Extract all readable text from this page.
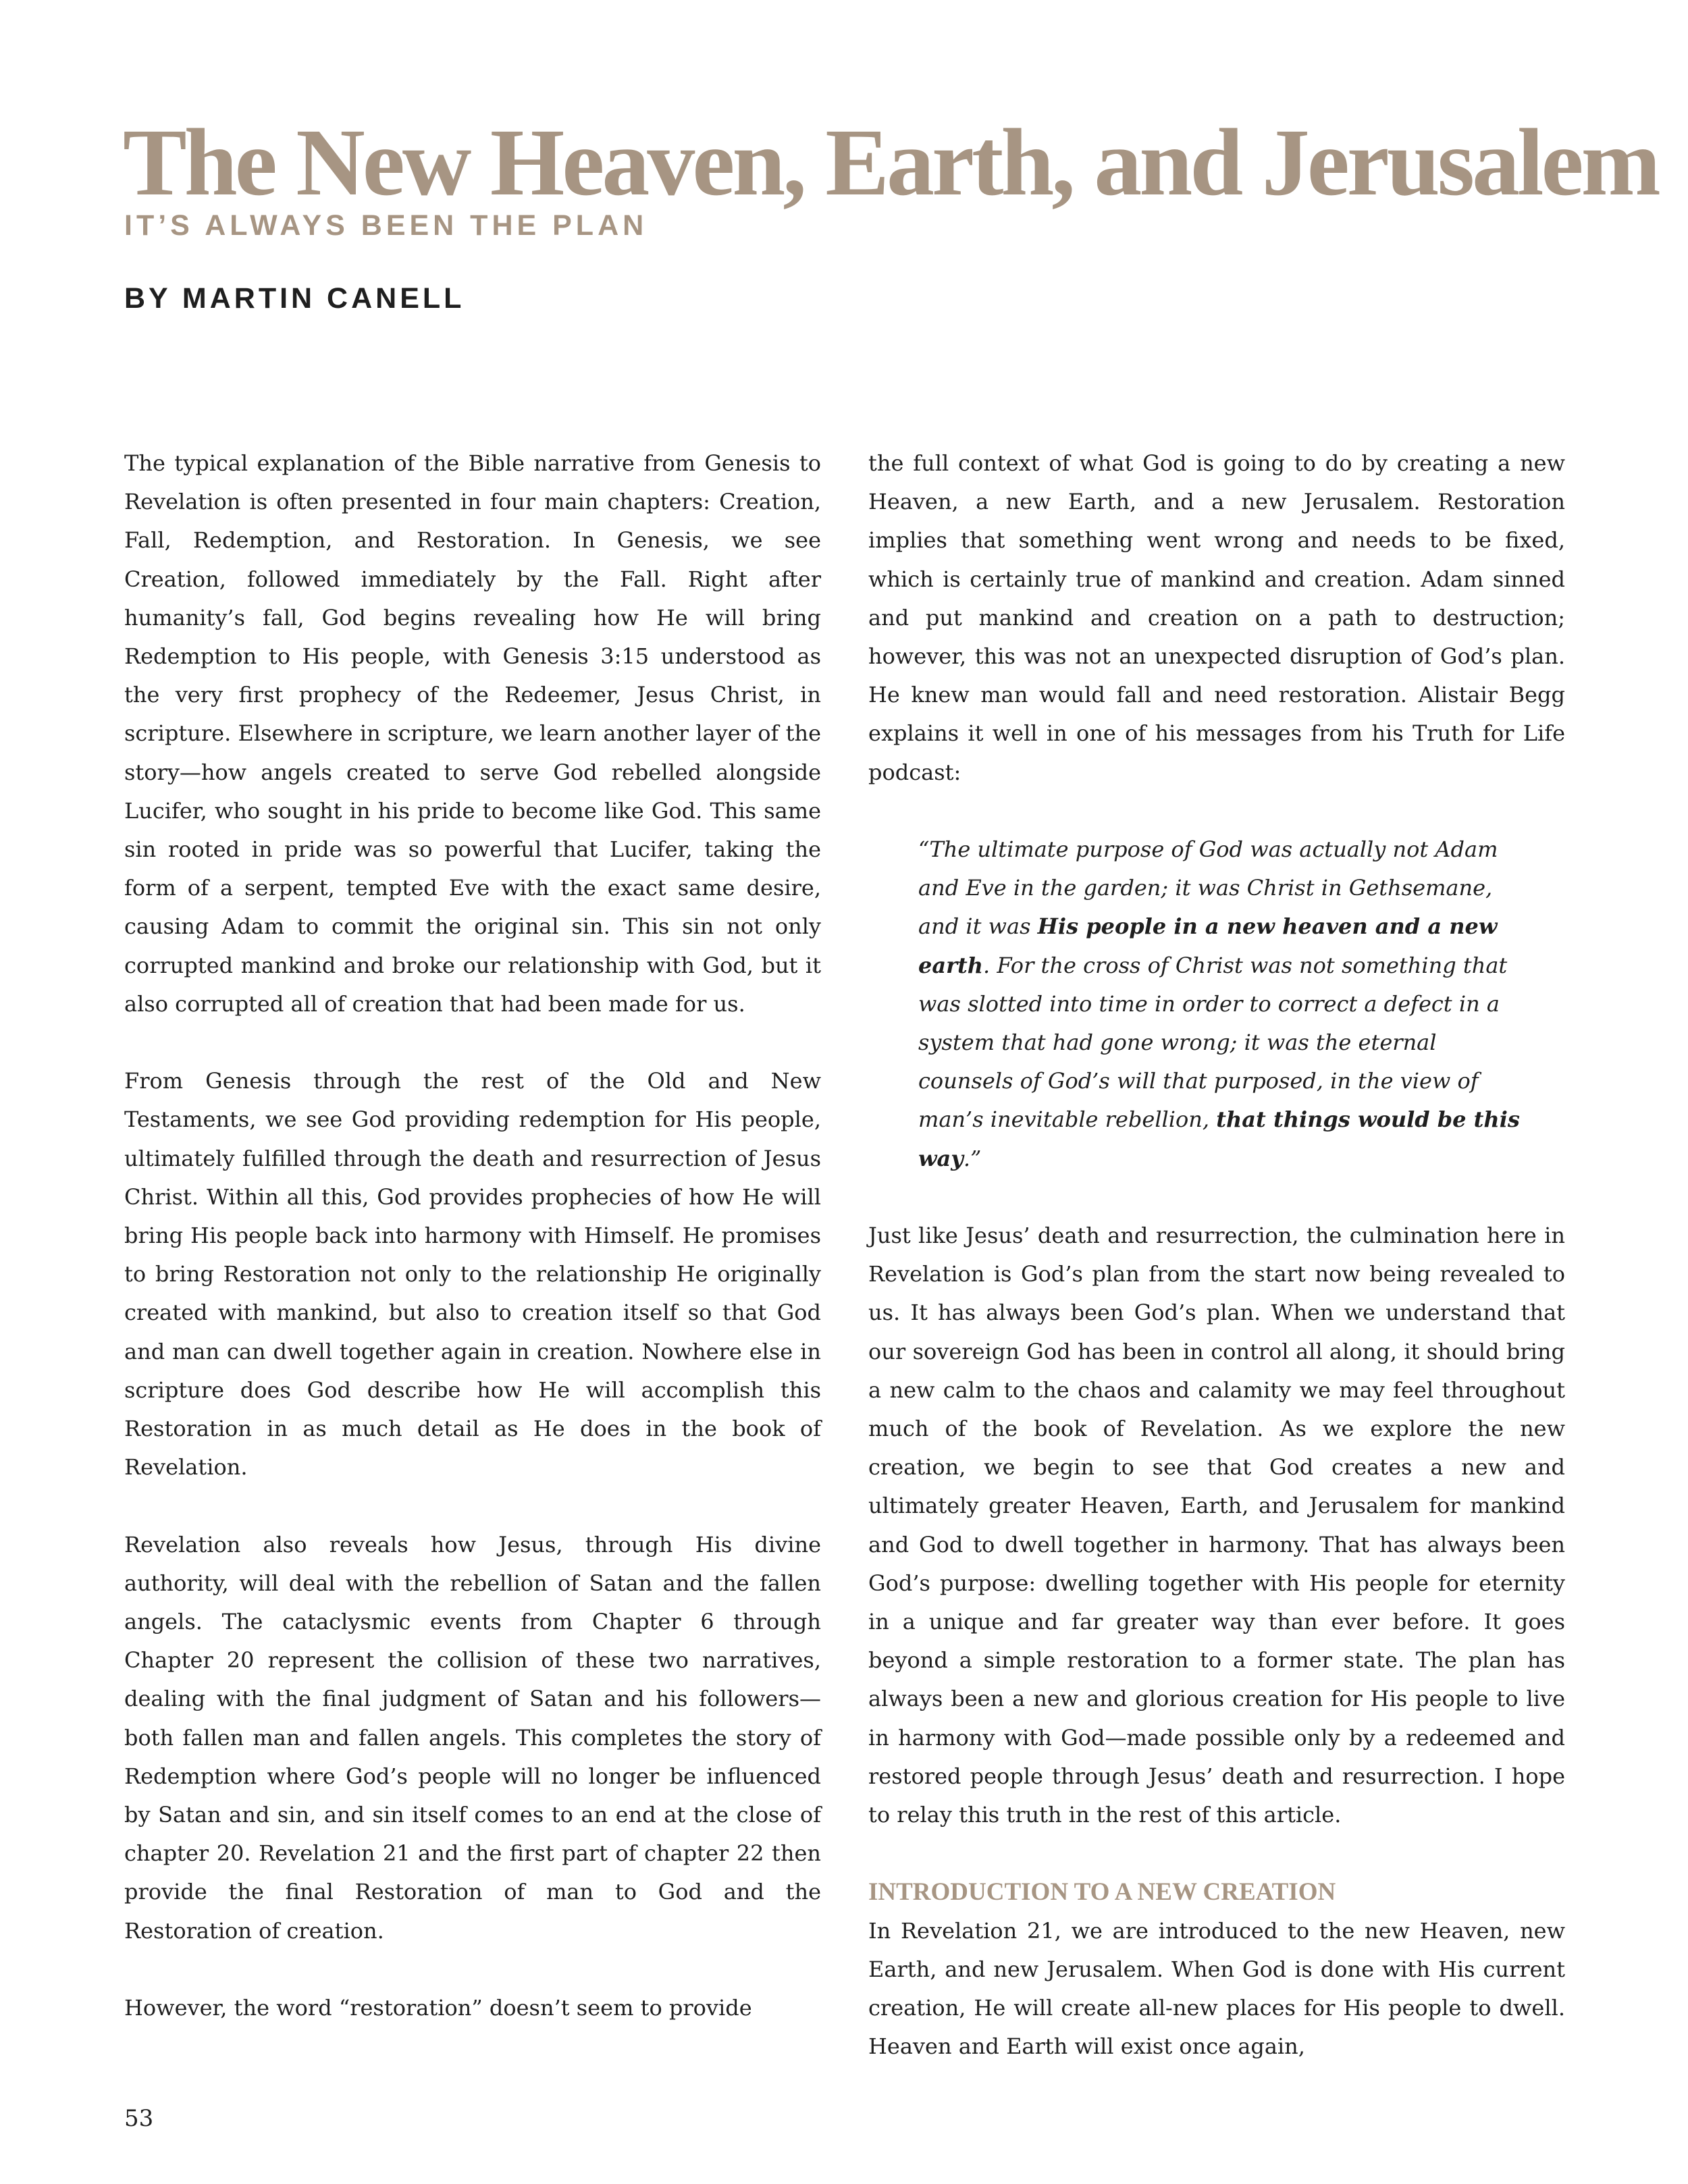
The New Heaven, Earth, and Jerusalem
IT’S ALWAYS BEEN THE PLAN
BY MARTIN CANELL

The typical explanation of the Bible narrative from Genesis to Revelation is often presented in four main chapters: Creation, Fall, Redemption, and Restoration. In Genesis, we see Creation, followed immediately by the Fall. Right after humanity’s fall, God begins revealing how He will bring Redemption to His people, with Genesis 3:15 understood as the very first prophecy of the Redeemer, Jesus Christ, in scripture. Elsewhere in scripture, we learn another layer of the story—how angels created to serve God rebelled alongside Lucifer, who sought in his pride to become like God. This same sin rooted in pride was so powerful that Lucifer, taking the form of a serpent, tempted Eve with the exact same desire, causing Adam to commit the original sin. This sin not only corrupted mankind and broke our relationship with God, but it also corrupted all of creation that had been made for us.

From Genesis through the rest of the Old and New Testaments, we see God providing redemption for His people, ultimately fulfilled through the death and resurrection of Jesus Christ. Within all this, God provides prophecies of how He will bring His people back into harmony with Himself. He promises to bring Restoration not only to the relationship He originally created with mankind, but also to creation itself so that God and man can dwell together again in creation. Nowhere else in scripture does God describe how He will accomplish this Restoration in as much detail as He does in the book of Revelation.

Revelation also reveals how Jesus, through His divine authority, will deal with the rebellion of Satan and the fallen angels. The cataclysmic events from Chapter 6 through Chapter 20 represent the collision of these two narratives, dealing with the final judgment of Satan and his followers—both fallen man and fallen angels. This completes the story of Redemption where God’s people will no longer be influenced by Satan and sin, and sin itself comes to an end at the close of chapter 20. Revelation 21 and the first part of chapter 22 then provide the final Restoration of man to God and the Restoration of creation.

However, the word “restoration” doesn’t seem to provide

the full context of what God is going to do by creating a new Heaven, a new Earth, and a new Jerusalem. Restoration implies that something went wrong and needs to be fixed, which is certainly true of mankind and creation. Adam sinned and put mankind and creation on a path to destruction; however, this was not an unexpected disruption of God’s plan. He knew man would fall and need restoration. Alistair Begg explains it well in one of his messages from his Truth for Life podcast:

“The ultimate purpose of God was actually not Adam and Eve in the garden; it was Christ in Gethsemane, and it was His people in a new heaven and a new earth. For the cross of Christ was not something that was slotted into time in order to correct a defect in a system that had gone wrong; it was the eternal counsels of God’s will that purposed, in the view of man’s inevitable rebellion, that things would be this way.”

Just like Jesus’ death and resurrection, the culmination here in Revelation is God’s plan from the start now being revealed to us. It has always been God’s plan. When we understand that our sovereign God has been in control all along, it should bring a new calm to the chaos and calamity we may feel throughout much of the book of Revelation. As we explore the new creation, we begin to see that God creates a new and ultimately greater Heaven, Earth, and Jerusalem for mankind and God to dwell together in harmony. That has always been God’s purpose: dwelling together with His people for eternity in a unique and far greater way than ever before. It goes beyond a simple restoration to a former state. The plan has always been a new and glorious creation for His people to live in harmony with God—made possible only by a redeemed and restored people through Jesus’ death and resurrection. I hope to relay this truth in the rest of this article.

INTRODUCTION TO A NEW CREATION

In Revelation 21, we are introduced to the new Heaven, new Earth, and new Jerusalem. When God is done with His current creation, He will create all-new places for His people to dwell. Heaven and Earth will exist once again,

53
